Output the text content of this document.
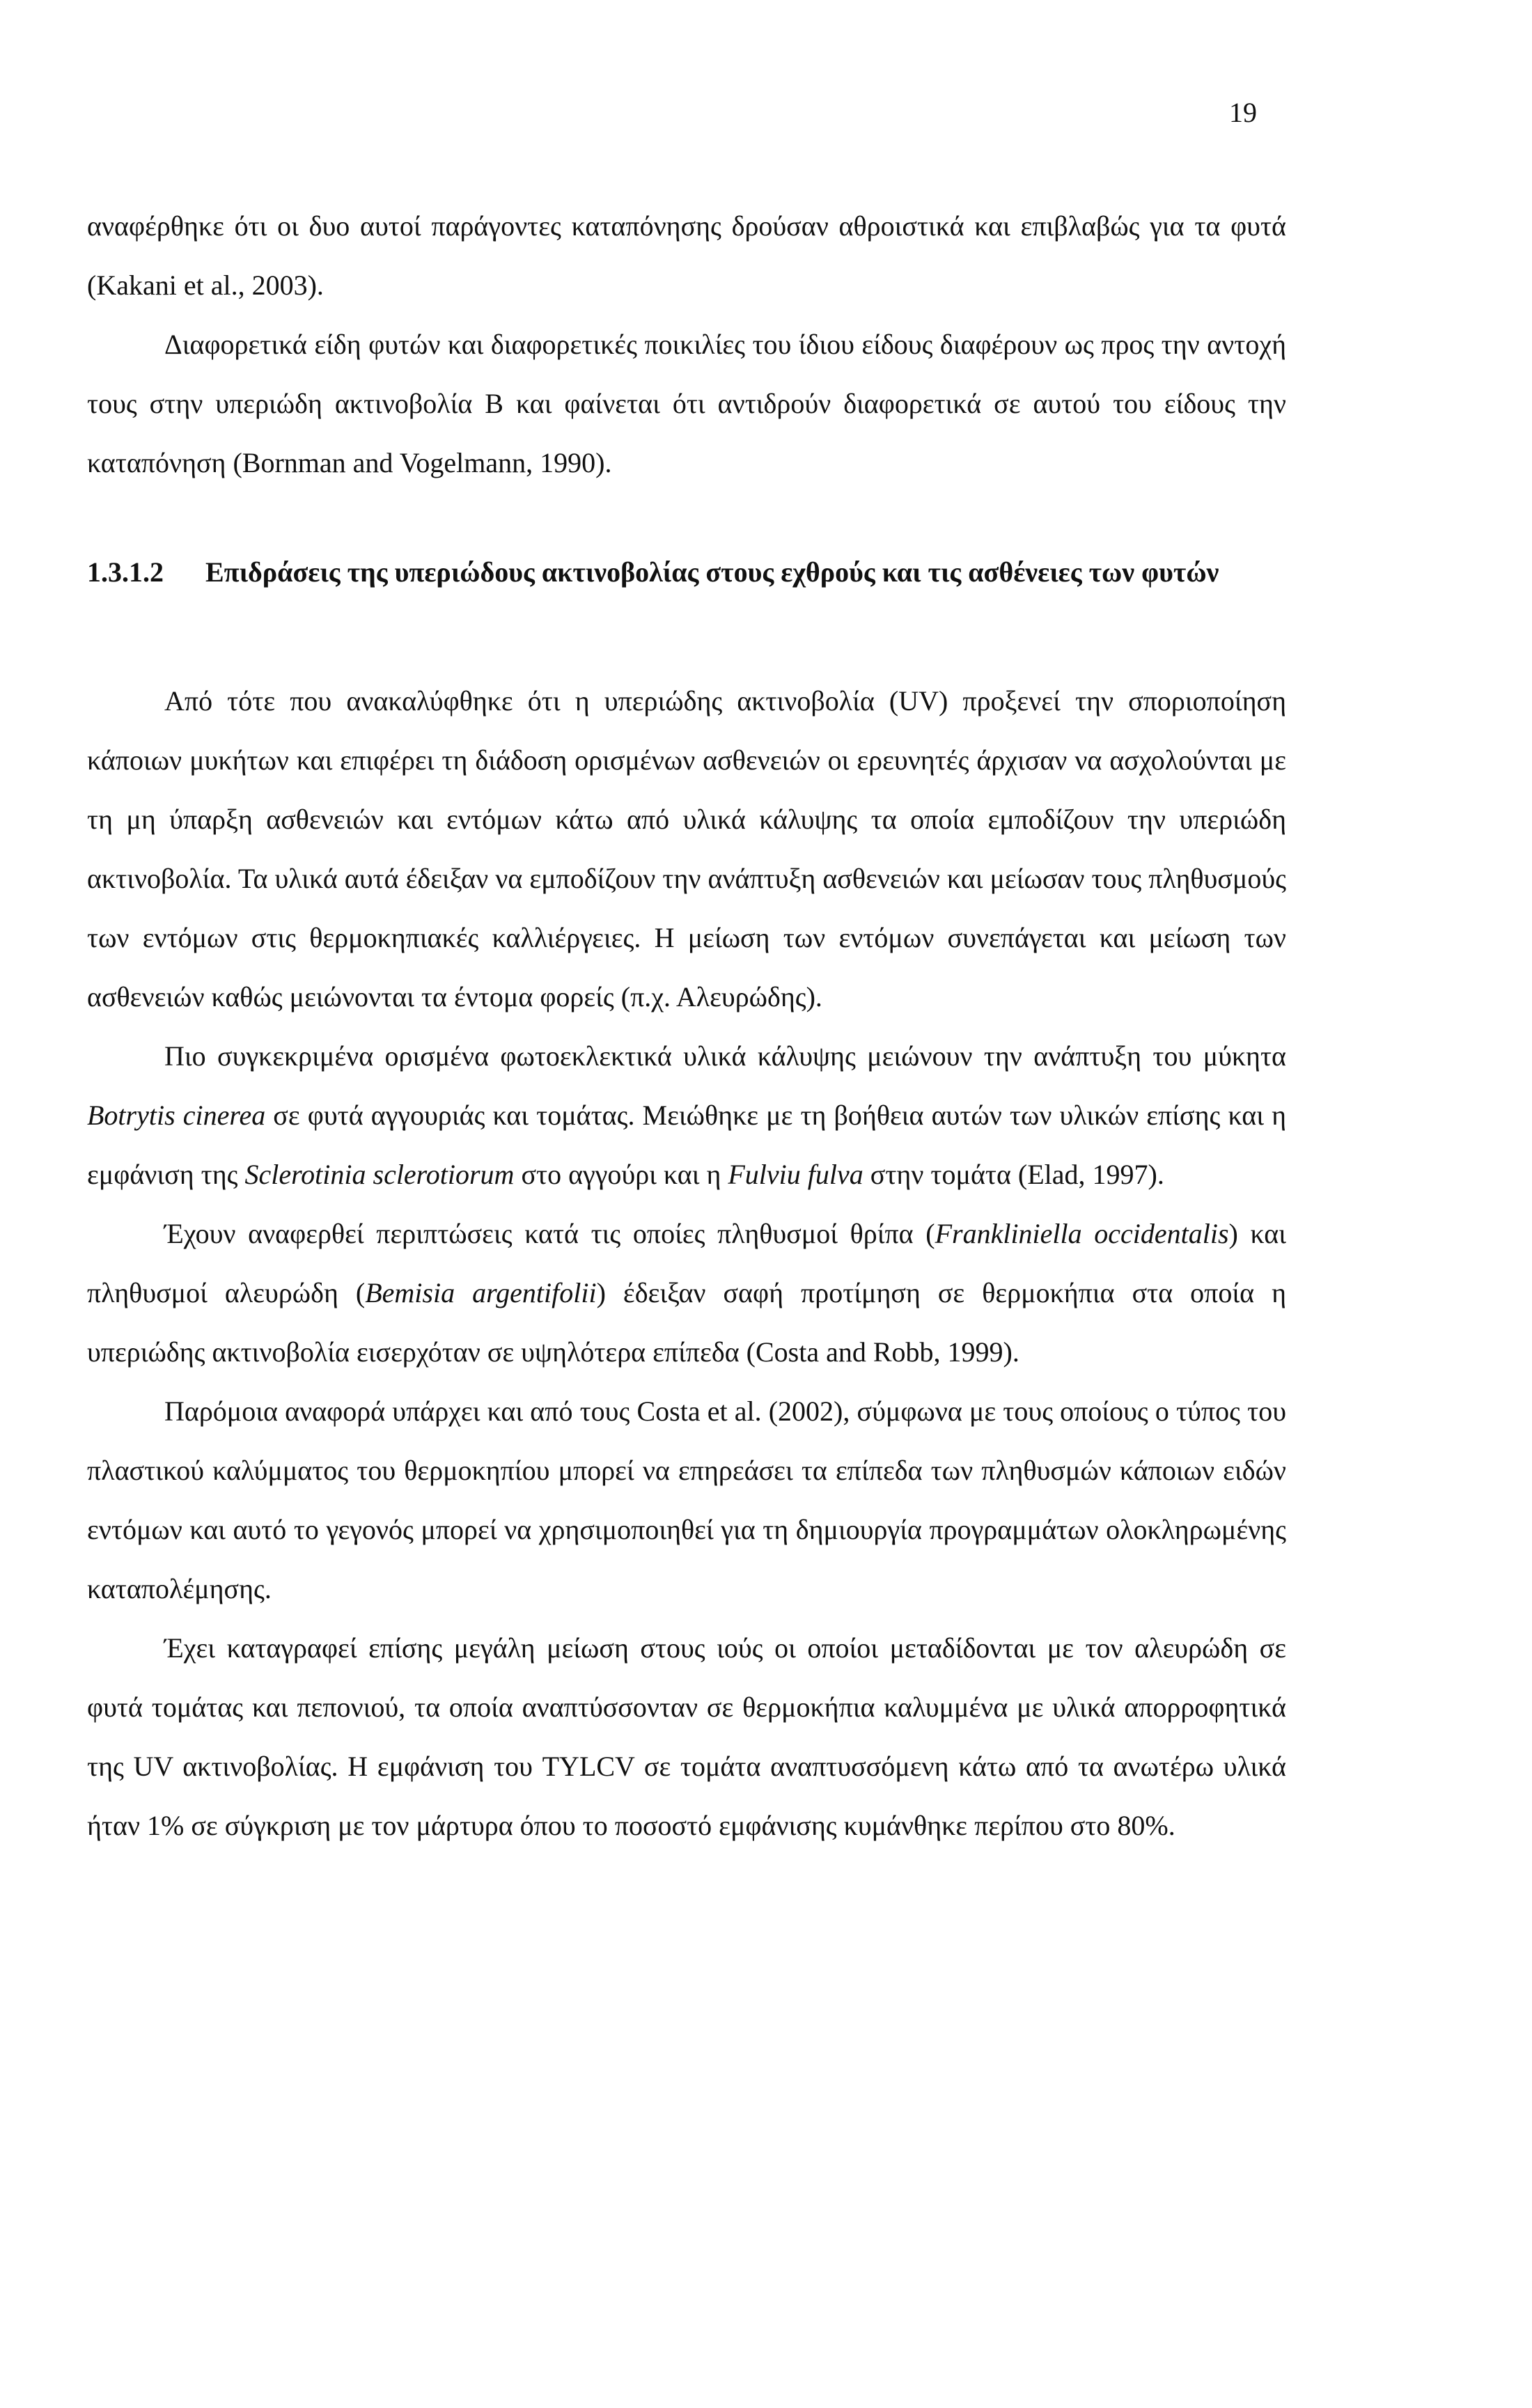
19

αναφέρθηκε ότι οι δυο αυτοί παράγοντες καταπόνησης δρούσαν αθροιστικά και επιβλαβώς για τα φυτά (Kakani et al., 2003).

Διαφορετικά είδη φυτών και διαφορετικές ποικιλίες του ίδιου είδους διαφέρουν ως προς την αντοχή τους στην υπεριώδη ακτινοβολία B και φαίνεται ότι αντιδρούν διαφορετικά σε αυτού του είδους την καταπόνηση (Bornman and Vogelmann, 1990).

1.3.1.2	Επιδράσεις της υπεριώδους ακτινοβολίας στους εχθρούς και τις ασθένειες των φυτών

Από τότε που ανακαλύφθηκε ότι η υπεριώδης ακτινοβολία (UV) προξενεί την σποριοποίηση κάποιων μυκήτων και επιφέρει τη διάδοση ορισμένων ασθενειών οι ερευνητές άρχισαν να ασχολούνται με τη μη ύπαρξη ασθενειών και εντόμων κάτω από υλικά κάλυψης τα οποία εμποδίζουν την υπεριώδη ακτινοβολία. Τα υλικά αυτά έδειξαν να εμποδίζουν την ανάπτυξη ασθενειών και μείωσαν τους πληθυσμούς των εντόμων στις θερμοκηπιακές καλλιέργειες. Η μείωση των εντόμων συνεπάγεται και μείωση των ασθενειών καθώς μειώνονται τα έντομα φορείς (π.χ. Αλευρώδης).

Πιο συγκεκριμένα ορισμένα φωτοεκλεκτικά υλικά κάλυψης μειώνουν την ανάπτυξη του μύκητα Botrytis cinerea σε φυτά αγγουριάς και τομάτας. Μειώθηκε με τη βοήθεια αυτών των υλικών επίσης και η εμφάνιση της Sclerotinia sclerotiorum στο αγγούρι και η Fulviu fulva στην τομάτα (Elad, 1997).

Έχουν αναφερθεί περιπτώσεις κατά τις οποίες πληθυσμοί θρίπα (Frankliniella occidentalis) και πληθυσμοί αλευρώδη (Bemisia argentifolii) έδειξαν σαφή προτίμηση σε θερμοκήπια στα οποία η υπεριώδης ακτινοβολία εισερχόταν σε υψηλότερα επίπεδα (Costa and Robb, 1999).

Παρόμοια αναφορά υπάρχει και από τους Costa et al. (2002), σύμφωνα με τους οποίους ο τύπος του πλαστικού καλύμματος του θερμοκηπίου μπορεί να επηρεάσει τα επίπεδα των πληθυσμών κάποιων ειδών εντόμων και αυτό το γεγονός μπορεί να χρησιμοποιηθεί για τη δημιουργία προγραμμάτων ολοκληρωμένης καταπολέμησης.

Έχει καταγραφεί επίσης μεγάλη μείωση στους ιούς οι οποίοι μεταδίδονται με τον αλευρώδη σε φυτά τομάτας και πεπονιού, τα οποία αναπτύσσονταν σε θερμοκήπια καλυμμένα με υλικά απορροφητικά της UV ακτινοβολίας. Η εμφάνιση του TYLCV σε τομάτα αναπτυσσόμενη κάτω από τα ανωτέρω υλικά ήταν 1% σε σύγκριση με τον μάρτυρα όπου το ποσοστό εμφάνισης κυμάνθηκε περίπου στο 80%.
